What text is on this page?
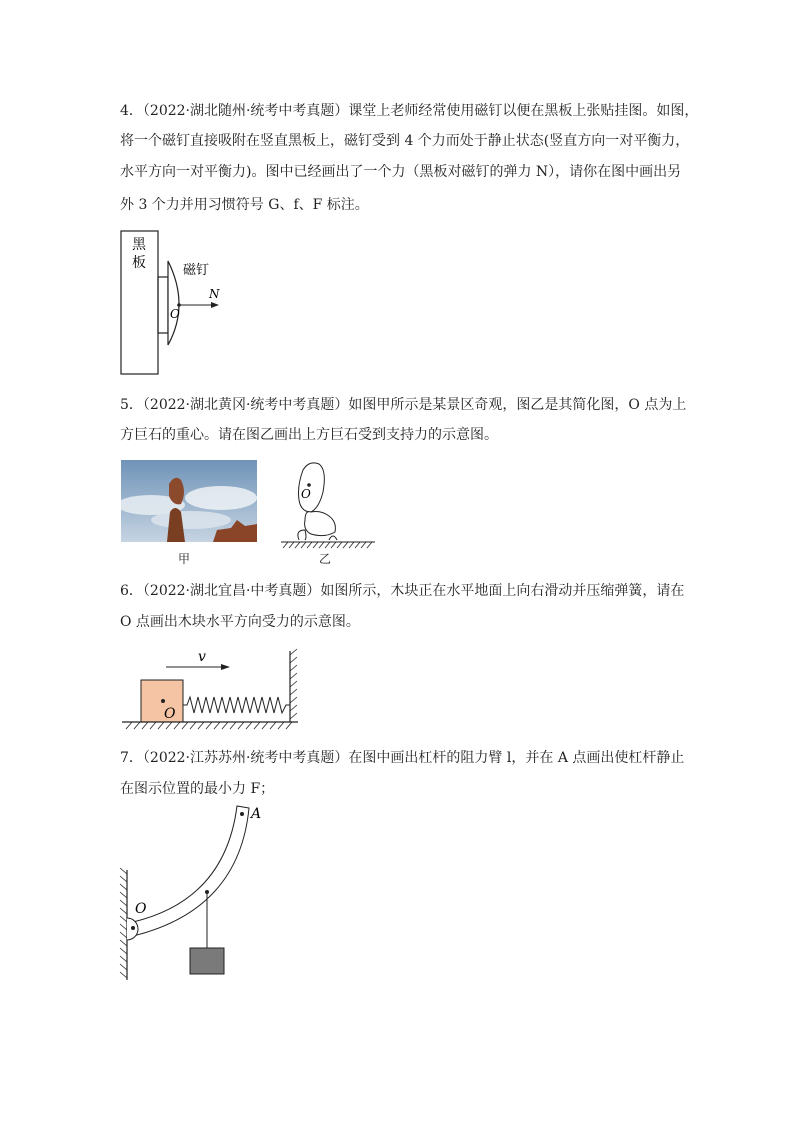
4．（2022·湖北随州·统考中考真题）课堂上老师经常使用磁钉以便在黑板上张贴挂图。如图，
将一个磁钉直接吸附在竖直黑板上，磁钉受到 4 个力而处于静止状态(竖直方向一对平衡力，
水平方向一对平衡力)。图中已经画出了一个力（黑板对磁钉的弹力 N），请你在图中画出另
外 3 个力并用习惯符号 G、f、F 标注。
黑
板
N
磁钉
O
5．（2022·湖北黄冈·统考中考真题）如图甲所示是某景区奇观，图乙是其简化图，O 点为上
方巨石的重心。请在图乙画出上方巨石受到支持力的示意图。
甲
O
乙
6．（2022·湖北宜昌·中考真题）如图所示，木块正在水平地面上向右滑动并压缩弹簧，请在
O 点画出木块水平方向受力的示意图。
v
O
7．（2022·江苏苏州·统考中考真题）在图中画出杠杆的阻力臂 l，并在 A 点画出使杠杆静止
在图示位置的最小力 F；
O
A
